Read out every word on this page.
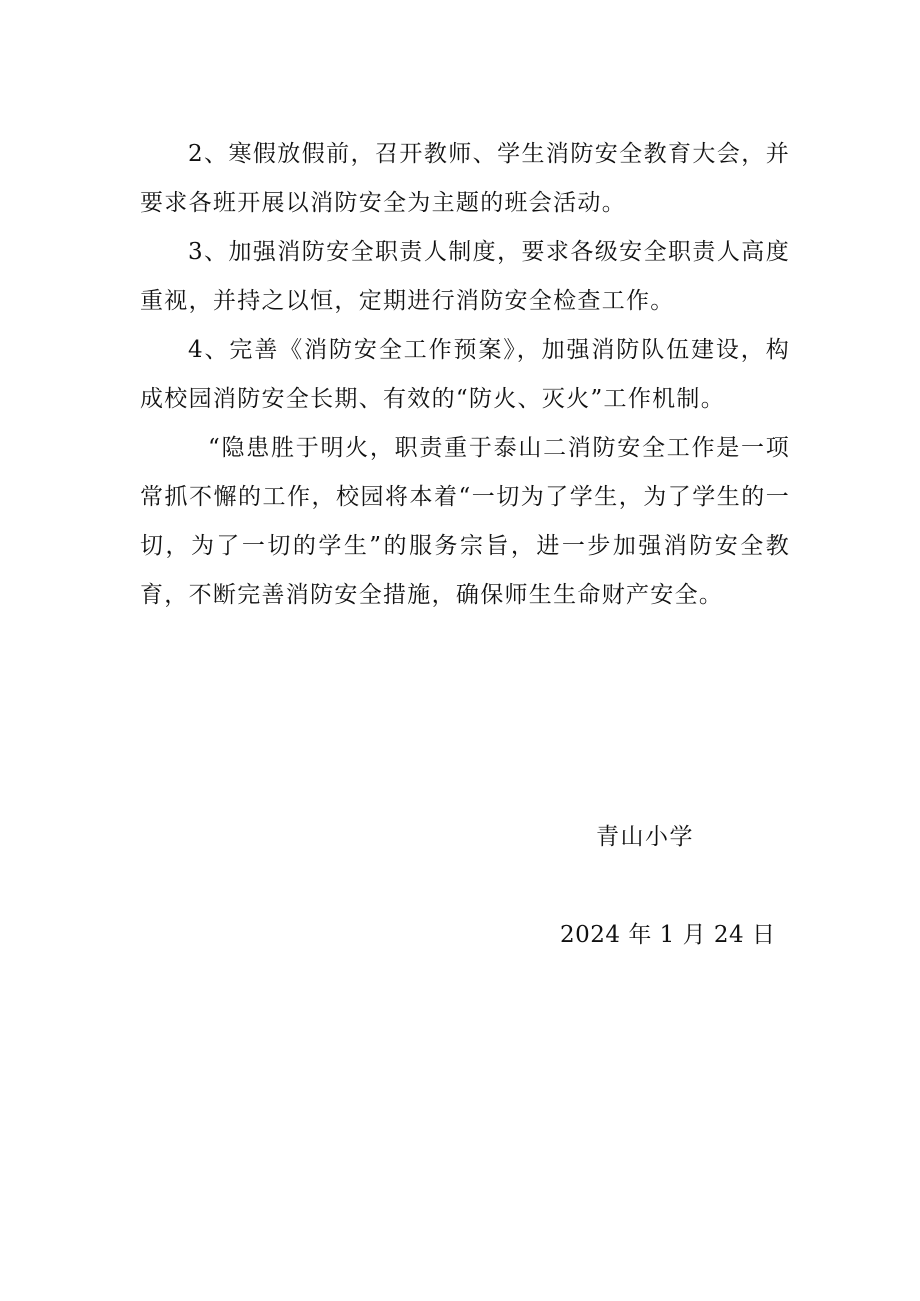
2、寒假放假前，召开教师、学生消防安全教育大会，并要求各班开展以消防安全为主题的班会活动。

3、加强消防安全职责人制度，要求各级安全职责人高度重视，并持之以恒，定期进行消防安全检查工作。

4、完善《消防安全工作预案》，加强消防队伍建设，构成校园消防安全长期、有效的“防火、灭火”工作机制。

“隐患胜于明火，职责重于泰山二消防安全工作是一项常抓不懈的工作，校园将本着“一切为了学生，为了学生的一切，为了一切的学生”的服务宗旨，进一步加强消防安全教育，不断完善消防安全措施，确保师生生命财产安全。

青山小学
2024 年 1 月 24 日
